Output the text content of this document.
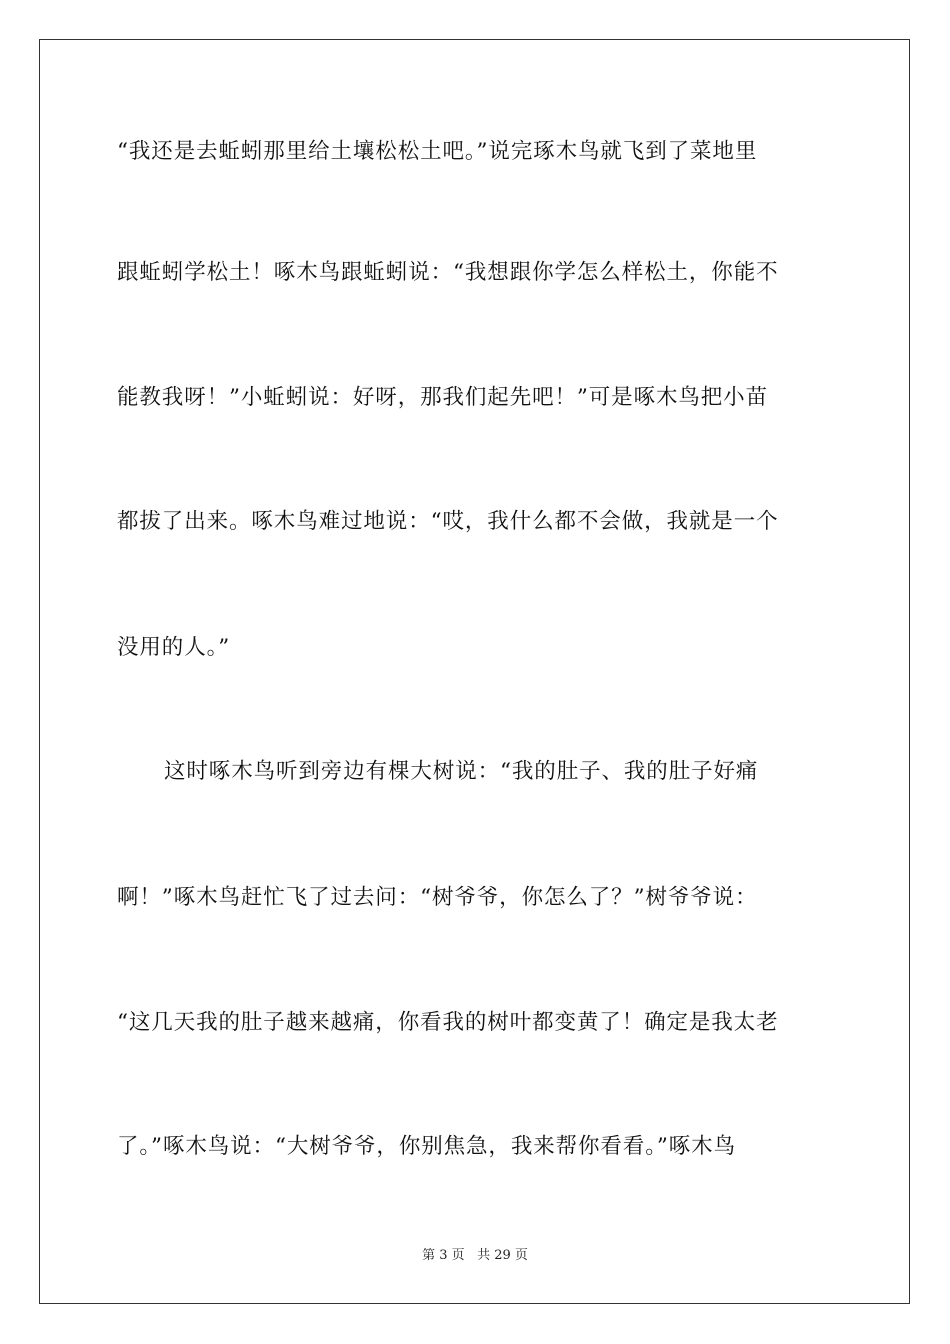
“我还是去蚯蚓那里给土壤松松土吧。”说完琢木鸟就飞到了菜地里
跟蚯蚓学松土！啄木鸟跟蚯蚓说：“我想跟你学怎么样松土，你能不
能教我呀！”小蚯蚓说：好呀，那我们起先吧！”可是啄木鸟把小苗
都拔了出来。啄木鸟难过地说：“哎，我什么都不会做，我就是一个
没用的人。”
这时啄木鸟听到旁边有棵大树说：“我的肚子、我的肚子好痛
啊！”啄木鸟赶忙飞了过去问：“树爷爷，你怎么了？”树爷爷说：
“这几天我的肚子越来越痛，你看我的树叶都变黄了！确定是我太老
了。”啄木鸟说：“大树爷爷，你别焦急，我来帮你看看。”啄木鸟
第 3 页 共 29 页
